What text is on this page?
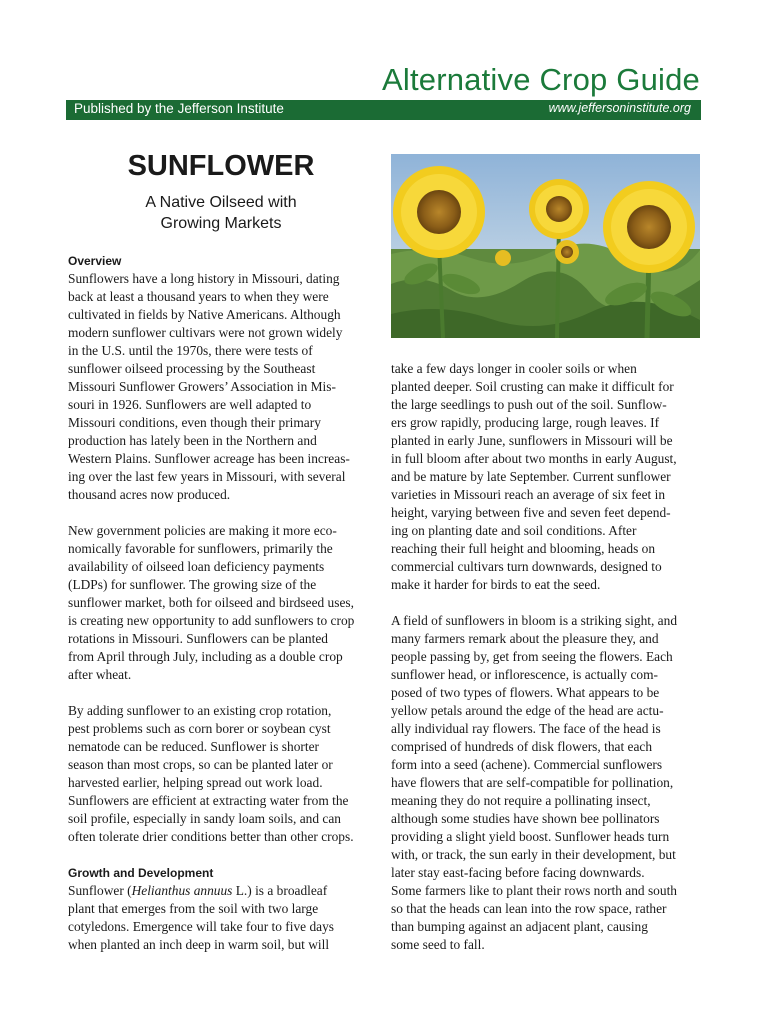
Alternative Crop Guide
Published by the Jefferson Institute	www.jeffersoninstitute.org
SUNFLOWER
A Native Oilseed with
Growing Markets
Overview
Sunflowers have a long history in Missouri, dating
back at least a thousand years to when they were
cultivated in fields by Native Americans. Although
modern sunflower cultivars were not grown widely
in the U.S. until the 1970s, there were tests of
sunflower oilseed processing by the Southeast
Missouri Sunflower Growers’ Association in Mis-
souri in 1926. Sunflowers are well adapted to
Missouri conditions, even though their primary
production has lately been in the Northern and
Western Plains. Sunflower acreage has been increas-
ing over the last few years in Missouri, with several
thousand acres now produced.
New government policies are making it more eco-
nomically favorable for sunflowers, primarily the
availability of oilseed loan deficiency payments
(LDPs) for sunflower. The growing size of the
sunflower market, both for oilseed and birdseed uses,
is creating new opportunity to add sunflowers to crop
rotations in Missouri. Sunflowers can be planted
from April through July, including as a double crop
after wheat.
By adding sunflower to an existing crop rotation,
pest problems such as corn borer or soybean cyst
nematode can be reduced. Sunflower is shorter
season than most crops, so can be planted later or
harvested earlier, helping spread out work load.
Sunflowers are efficient at extracting water from the
soil profile, especially in sandy loam soils, and can
often tolerate drier conditions better than other crops.
Growth and Development
Sunflower (Helianthus annuus L.) is a broadleaf
plant that emerges from the soil with two large
cotyledons. Emergence will take four to five days
when planted an inch deep in warm soil, but will
take a few days longer in cooler soils or when
planted deeper. Soil crusting can make it difficult for
the large seedlings to push out of the soil. Sunflow-
ers grow rapidly, producing large, rough leaves. If
planted in early June, sunflowers in Missouri will be
in full bloom after about two months in early August,
and be mature by late September. Current sunflower
varieties in Missouri reach an average of six feet in
height, varying between five and seven feet depend-
ing on planting date and soil conditions. After
reaching their full height and blooming, heads on
commercial cultivars turn downwards, designed to
make it harder for birds to eat the seed.
A field of sunflowers in bloom is a striking sight, and
many farmers remark about the pleasure they, and
people passing by, get from seeing the flowers. Each
sunflower head, or inflorescence, is actually com-
posed of two types of flowers. What appears to be
yellow petals around the edge of the head are actu-
ally individual ray flowers. The face of the head is
comprised of hundreds of disk flowers, that each
form into a seed (achene). Commercial sunflowers
have flowers that are self-compatible for pollination,
meaning they do not require a pollinating insect,
although some studies have shown bee pollinators
providing a slight yield boost. Sunflower heads turn
with, or track, the sun early in their development, but
later stay east-facing before facing downwards.
Some farmers like to plant their rows north and south
so that the heads can lean into the row space, rather
than bumping against an adjacent plant, causing
some seed to fall.
